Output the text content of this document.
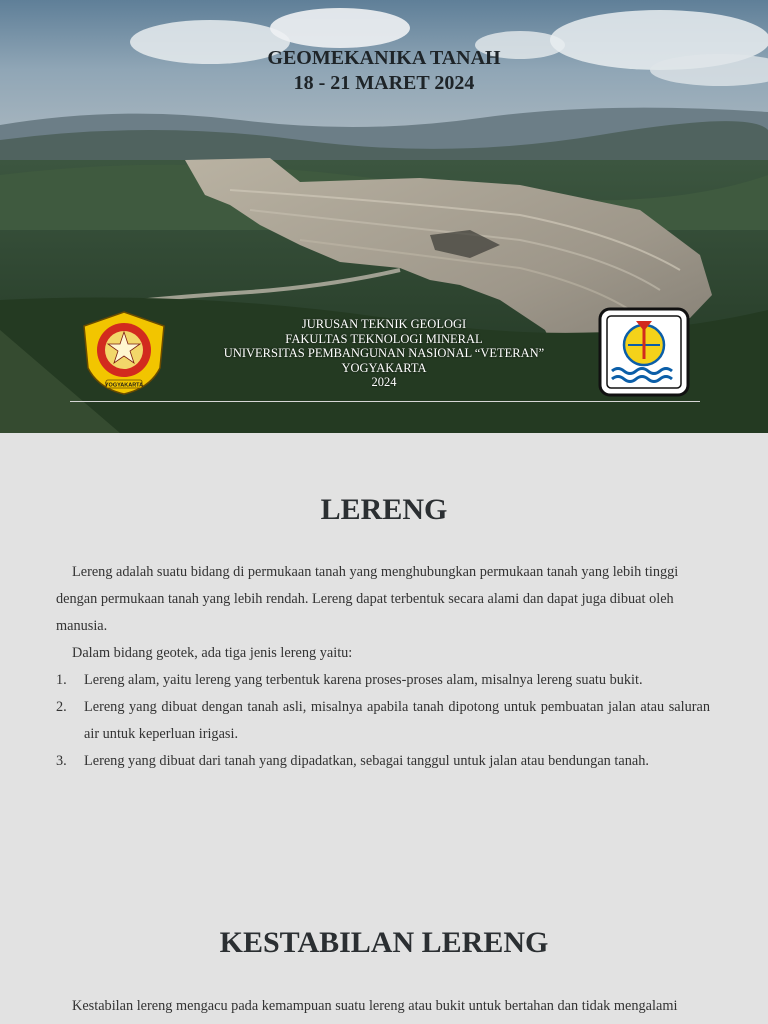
GEOMEKANIKA TANAH
18 - 21 MARET 2024
YOGYAKARTA
JURUSAN TEKNIK GEOLOGI
FAKULTAS TEKNOLOGI MINERAL
UNIVERSITAS PEMBANGUNAN NASIONAL “VETERAN”
YOGYAKARTA
2024
LERENG

Lereng adalah suatu bidang di permukaan tanah yang menghubungkan permukaan tanah yang lebih tinggi dengan permukaan tanah yang lebih rendah. Lereng dapat terbentuk secara alami dan dapat juga dibuat oleh manusia.

Dalam bidang geotek, ada tiga jenis lereng yaitu:

1. Lereng alam, yaitu lereng yang terbentuk karena proses-proses alam, misalnya lereng suatu bukit.
2. Lereng yang dibuat dengan tanah asli, misalnya apabila tanah dipotong untuk pembuatan jalan atau saluran air untuk keperluan irigasi.
3. Lereng yang dibuat dari tanah yang dipadatkan, sebagai tanggul untuk jalan atau bendungan tanah.
KESTABILAN LERENG

Kestabilan lereng mengacu pada kemampuan suatu lereng atau bukit untuk bertahan dan tidak mengalami
